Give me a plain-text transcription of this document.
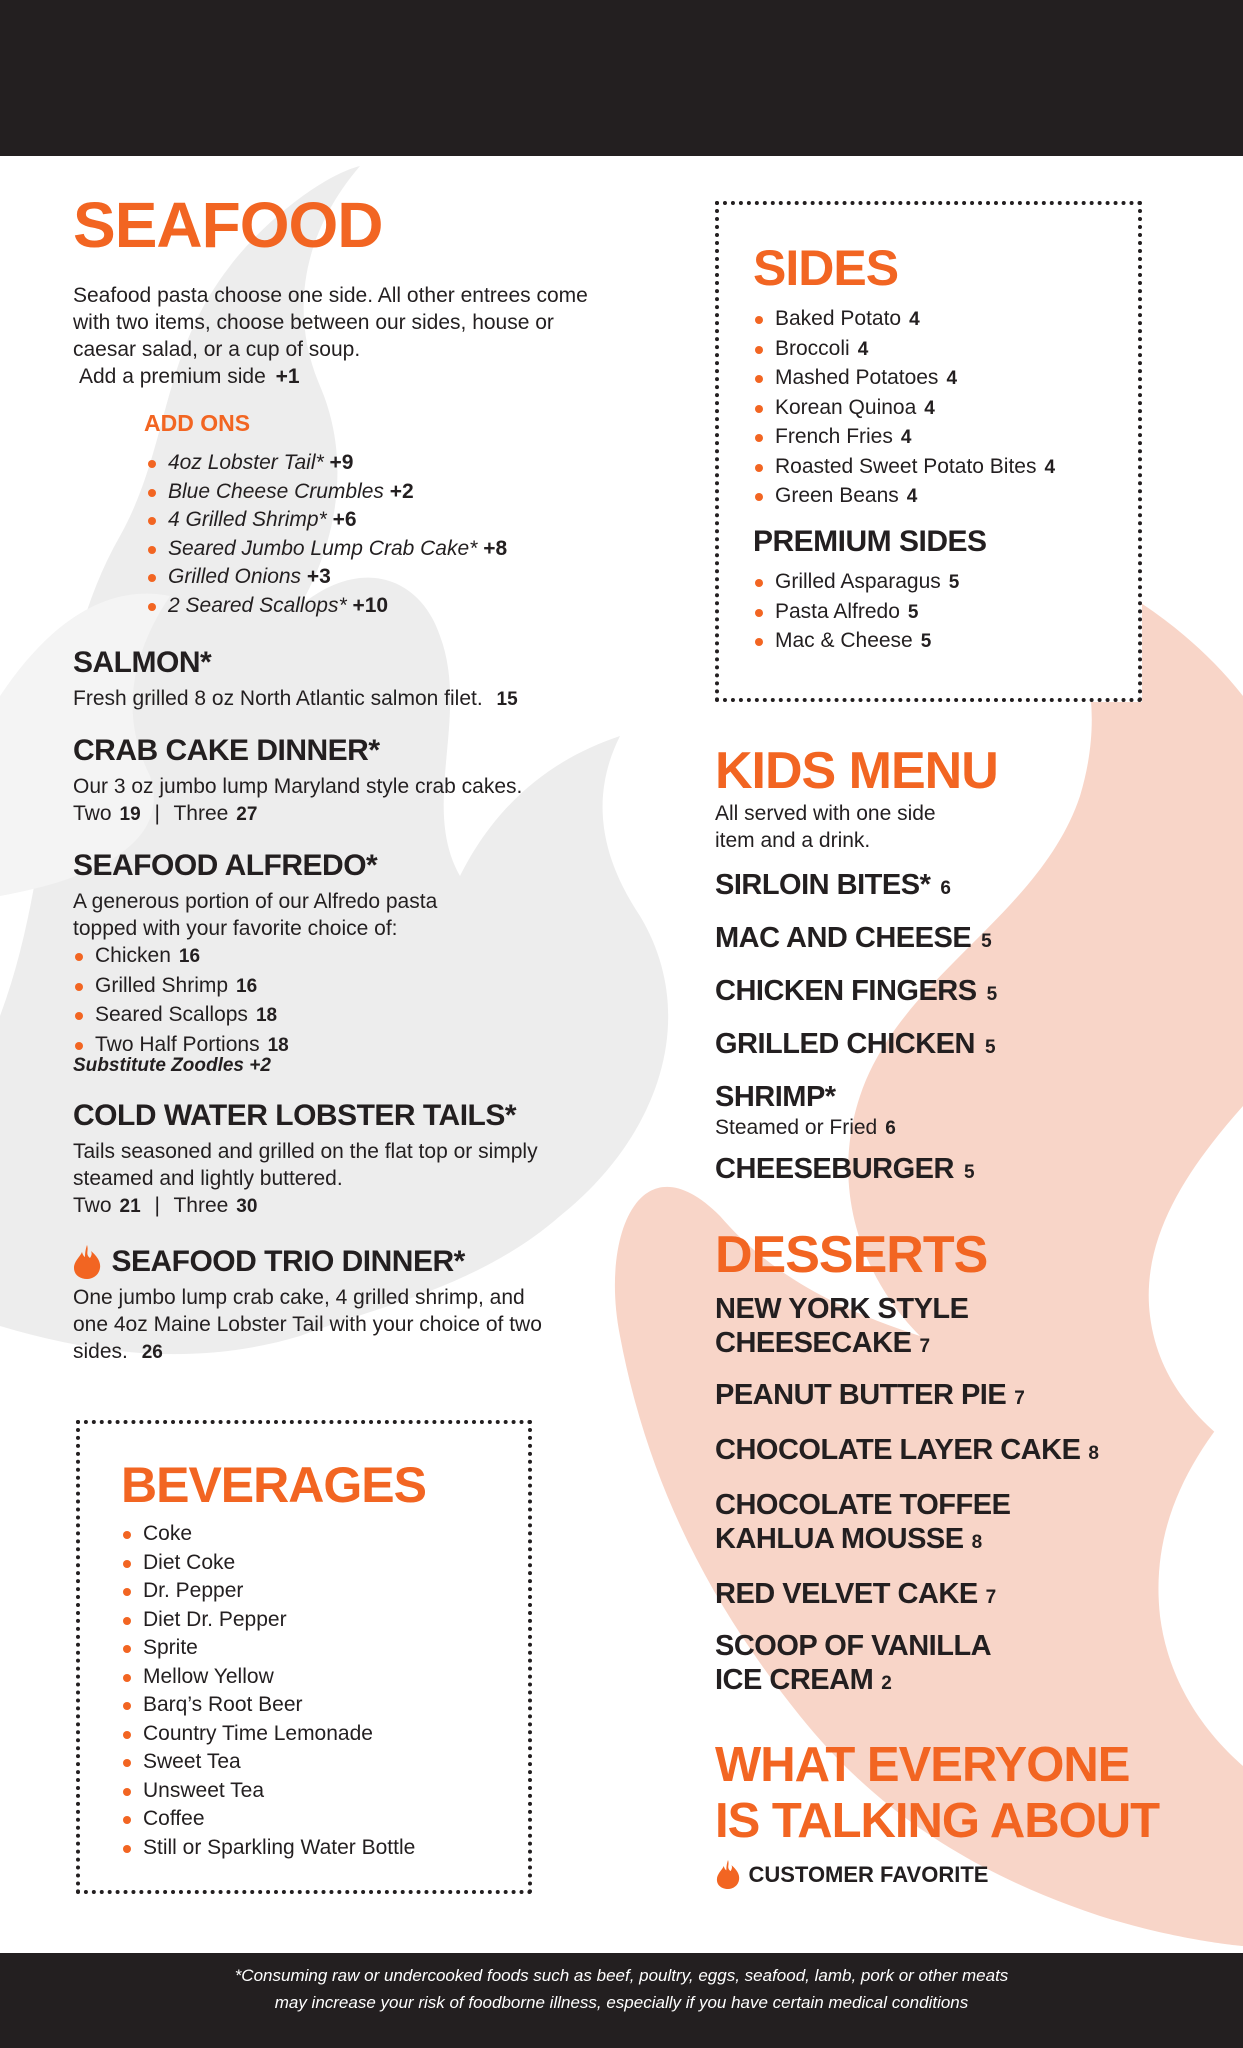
SEAFOOD
Seafood pasta choose one side. All other entrees come with two items, choose between our sides, house or caesar salad, or a cup of soup.
Add a premium side +1
ADD ONS
4oz Lobster Tail* +9
Blue Cheese Crumbles +2
4 Grilled Shrimp* +6
Seared Jumbo Lump Crab Cake* +8
Grilled Onions +3
2 Seared Scallops* +10
SALMON*
Fresh grilled 8 oz North Atlantic salmon filet. 15
CRAB CAKE DINNER*
Our 3 oz jumbo lump Maryland style crab cakes.
Two 19 | Three 27
SEAFOOD ALFREDO*
A generous portion of our Alfredo pasta topped with your favorite choice of:
Chicken 16
Grilled Shrimp 16
Seared Scallops 18
Two Half Portions 18
Substitute Zoodles +2
COLD WATER LOBSTER TAILS*
Tails seasoned and grilled on the flat top or simply steamed and lightly buttered.
Two 21 | Three 30
SEAFOOD TRIO DINNER*
One jumbo lump crab cake, 4 grilled shrimp, and one 4oz Maine Lobster Tail with your choice of two sides. 26
BEVERAGES
Coke
Diet Coke
Dr. Pepper
Diet Dr. Pepper
Sprite
Mellow Yellow
Barq’s Root Beer
Country Time Lemonade
Sweet Tea
Unsweet Tea
Coffee
Still or Sparkling Water Bottle
SIDES
Baked Potato 4
Broccoli 4
Mashed Potatoes 4
Korean Quinoa 4
French Fries 4
Roasted Sweet Potato Bites 4
Green Beans 4
PREMIUM SIDES
Grilled Asparagus 5
Pasta Alfredo 5
Mac & Cheese 5
KIDS MENU
All served with one side item and a drink.
SIRLOIN BITES* 6
MAC AND CHEESE 5
CHICKEN FINGERS 5
GRILLED CHICKEN 5
SHRIMP*
Steamed or Fried 6
CHEESEBURGER 5
DESSERTS
NEW YORK STYLE
CHEESECAKE 7
PEANUT BUTTER PIE 7
CHOCOLATE LAYER CAKE 8
CHOCOLATE TOFFEE
KAHLUA MOUSSE 8
RED VELVET CAKE 7
SCOOP OF VANILLA
ICE CREAM 2
WHAT EVERYONE
IS TALKING ABOUT
CUSTOMER FAVORITE
*Consuming raw or undercooked foods such as beef, poultry, eggs, seafood, lamb, pork or other meats
may increase your risk of foodborne illness, especially if you have certain medical conditions
